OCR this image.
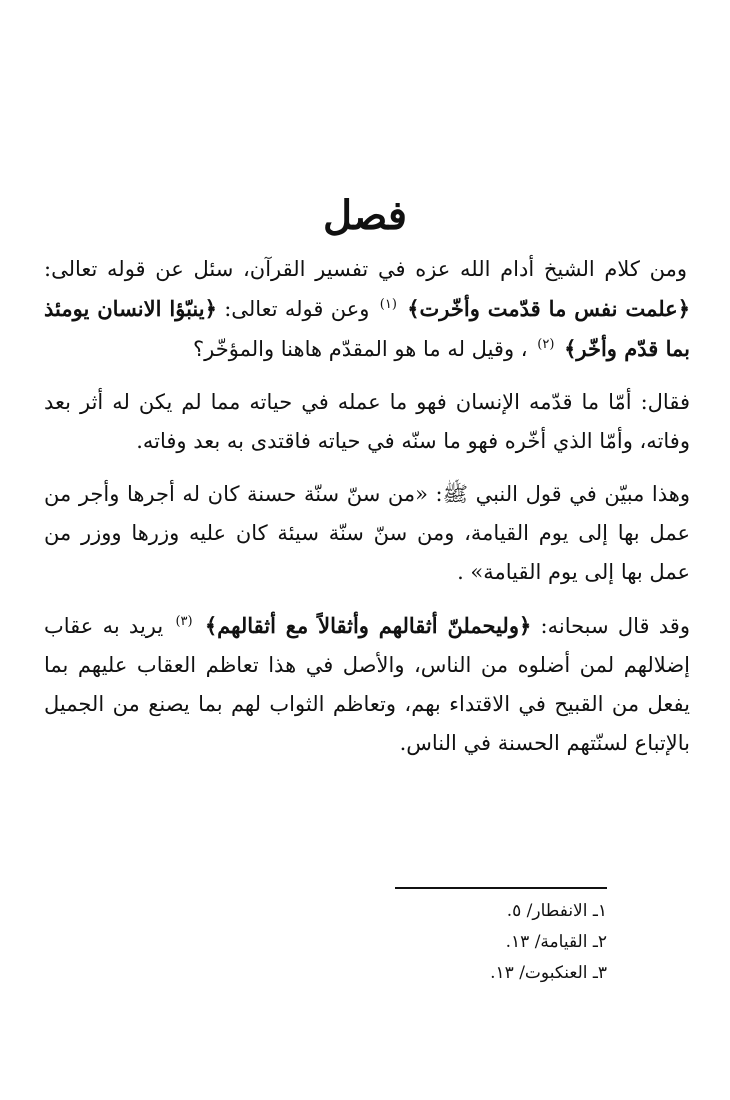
فصل

ومن كلام الشيخ أدام الله عزه في تفسير القرآن، سئل عن قوله تعالى: ﴿علمت نفس ما قدّمت وأخّرت﴾ $^{(١)}$ وعن قوله تعالى: ﴿ينبّؤا الانسان يومئذ بما قدّم وأخّر﴾ $^{(٢)}$ ، وقيل له ما هو المقدّم هاهنا والمؤخّر؟

فقال: أمّا ما قدّمه الإنسان فهو ما عمله في حياته مما لم يكن له أثر بعد وفاته، وأمّا الذي أخّره فهو ما سنّه في حياته فاقتدى به بعد وفاته.

وهذا مبيّن في قول النبي ﷺ: «من سنّ سنّة حسنة كان له أجرها وأجر من عمل بها إلى يوم القيامة، ومن سنّ سنّة سيئة كان عليه وزرها ووزر من عمل بها إلى يوم القيامة» .

وقد قال سبحانه: ﴿وليحملنّ أثقالهم وأثقالاً مع أثقالهم﴾ $^{(٣)}$ يريد به عقاب إضلالهم لمن أضلوه من الناس، والأصل في هذا تعاظم العقاب عليهم بما يفعل من القبيح في الاقتداء بهم، وتعاظم الثواب لهم بما يصنع من الجميل بالإتباع لسنّتهم الحسنة في الناس.

١ـ الانفطار/ ٥.
٢ـ القيامة/ ١٣.
٣ـ العنكبوت/ ١٣.
